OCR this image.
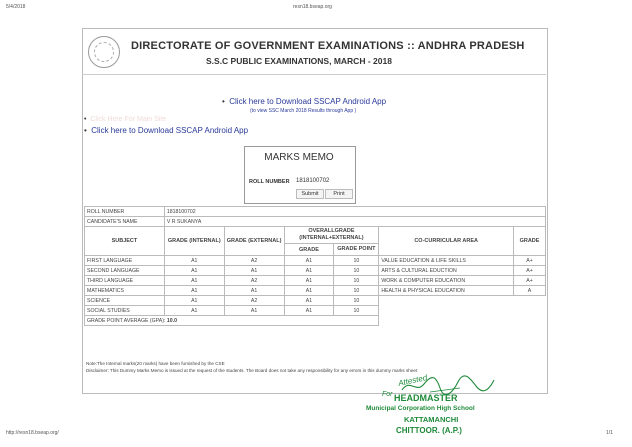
5/4/2018	resn18.bseap.org
http://resn18.bseap.org/	1/1
DIRECTORATE OF GOVERNMENT EXAMINATIONS :: ANDHRA PRADESH
S.S.C PUBLIC EXAMINATIONS, MARCH - 2018
•  Click here to Download SSCAP Android App
(to view SSC March 2018 Results through App )
•  Click Here For Main Site
•  Click here to Download SSCAP Android App
MARKS MEMO
ROLL NUMBER 1818100702
Submit	Print
ROLL NUMBER	1818100702					
CANDIDATE'S NAME	V R SUKANYA					
SUBJECT	GRADE (INTERNAL)	GRADE (EXTERNAL)	OVERALLGRADE (INTERNAL+EXTERNAL)		CO-CURRICULAR AREA	GRADE
			GRADE	GRADE POINT		
FIRST LANGUAGE	A1	A2	A1	10	VALUE EDUCATION & LIFE SKILLS	A+
SECOND LANGUAGE	A1	A1	A1	10	ARTS & CULTURAL EDUCTION	A+
THIRD LANGUAGE	A1	A2	A1	10	WORK & COMPUTER EDUCATION	A+
MATHEMATICS	A1	A1	A1	10	HEALTH & PHYSICAL EDUCATION	A
SCIENCE	A1	A2	A1	10		
SOCIAL STUDIES	A1	A1	A1	10		
GRADE POINT AVERAGE (GPA): 10.0						
Note:The Internal marks(20 marks) have been furnished by the CSE
Disclaimer: This Dummy Marks Memo is issued at the request of the students. The Board does not take any responsibility for any errors in this dummy marks sheet
Attested
For HEADMASTER
Municipal Corporation High School
KATTAMANCHI
CHITTOOR. (A.P.)
